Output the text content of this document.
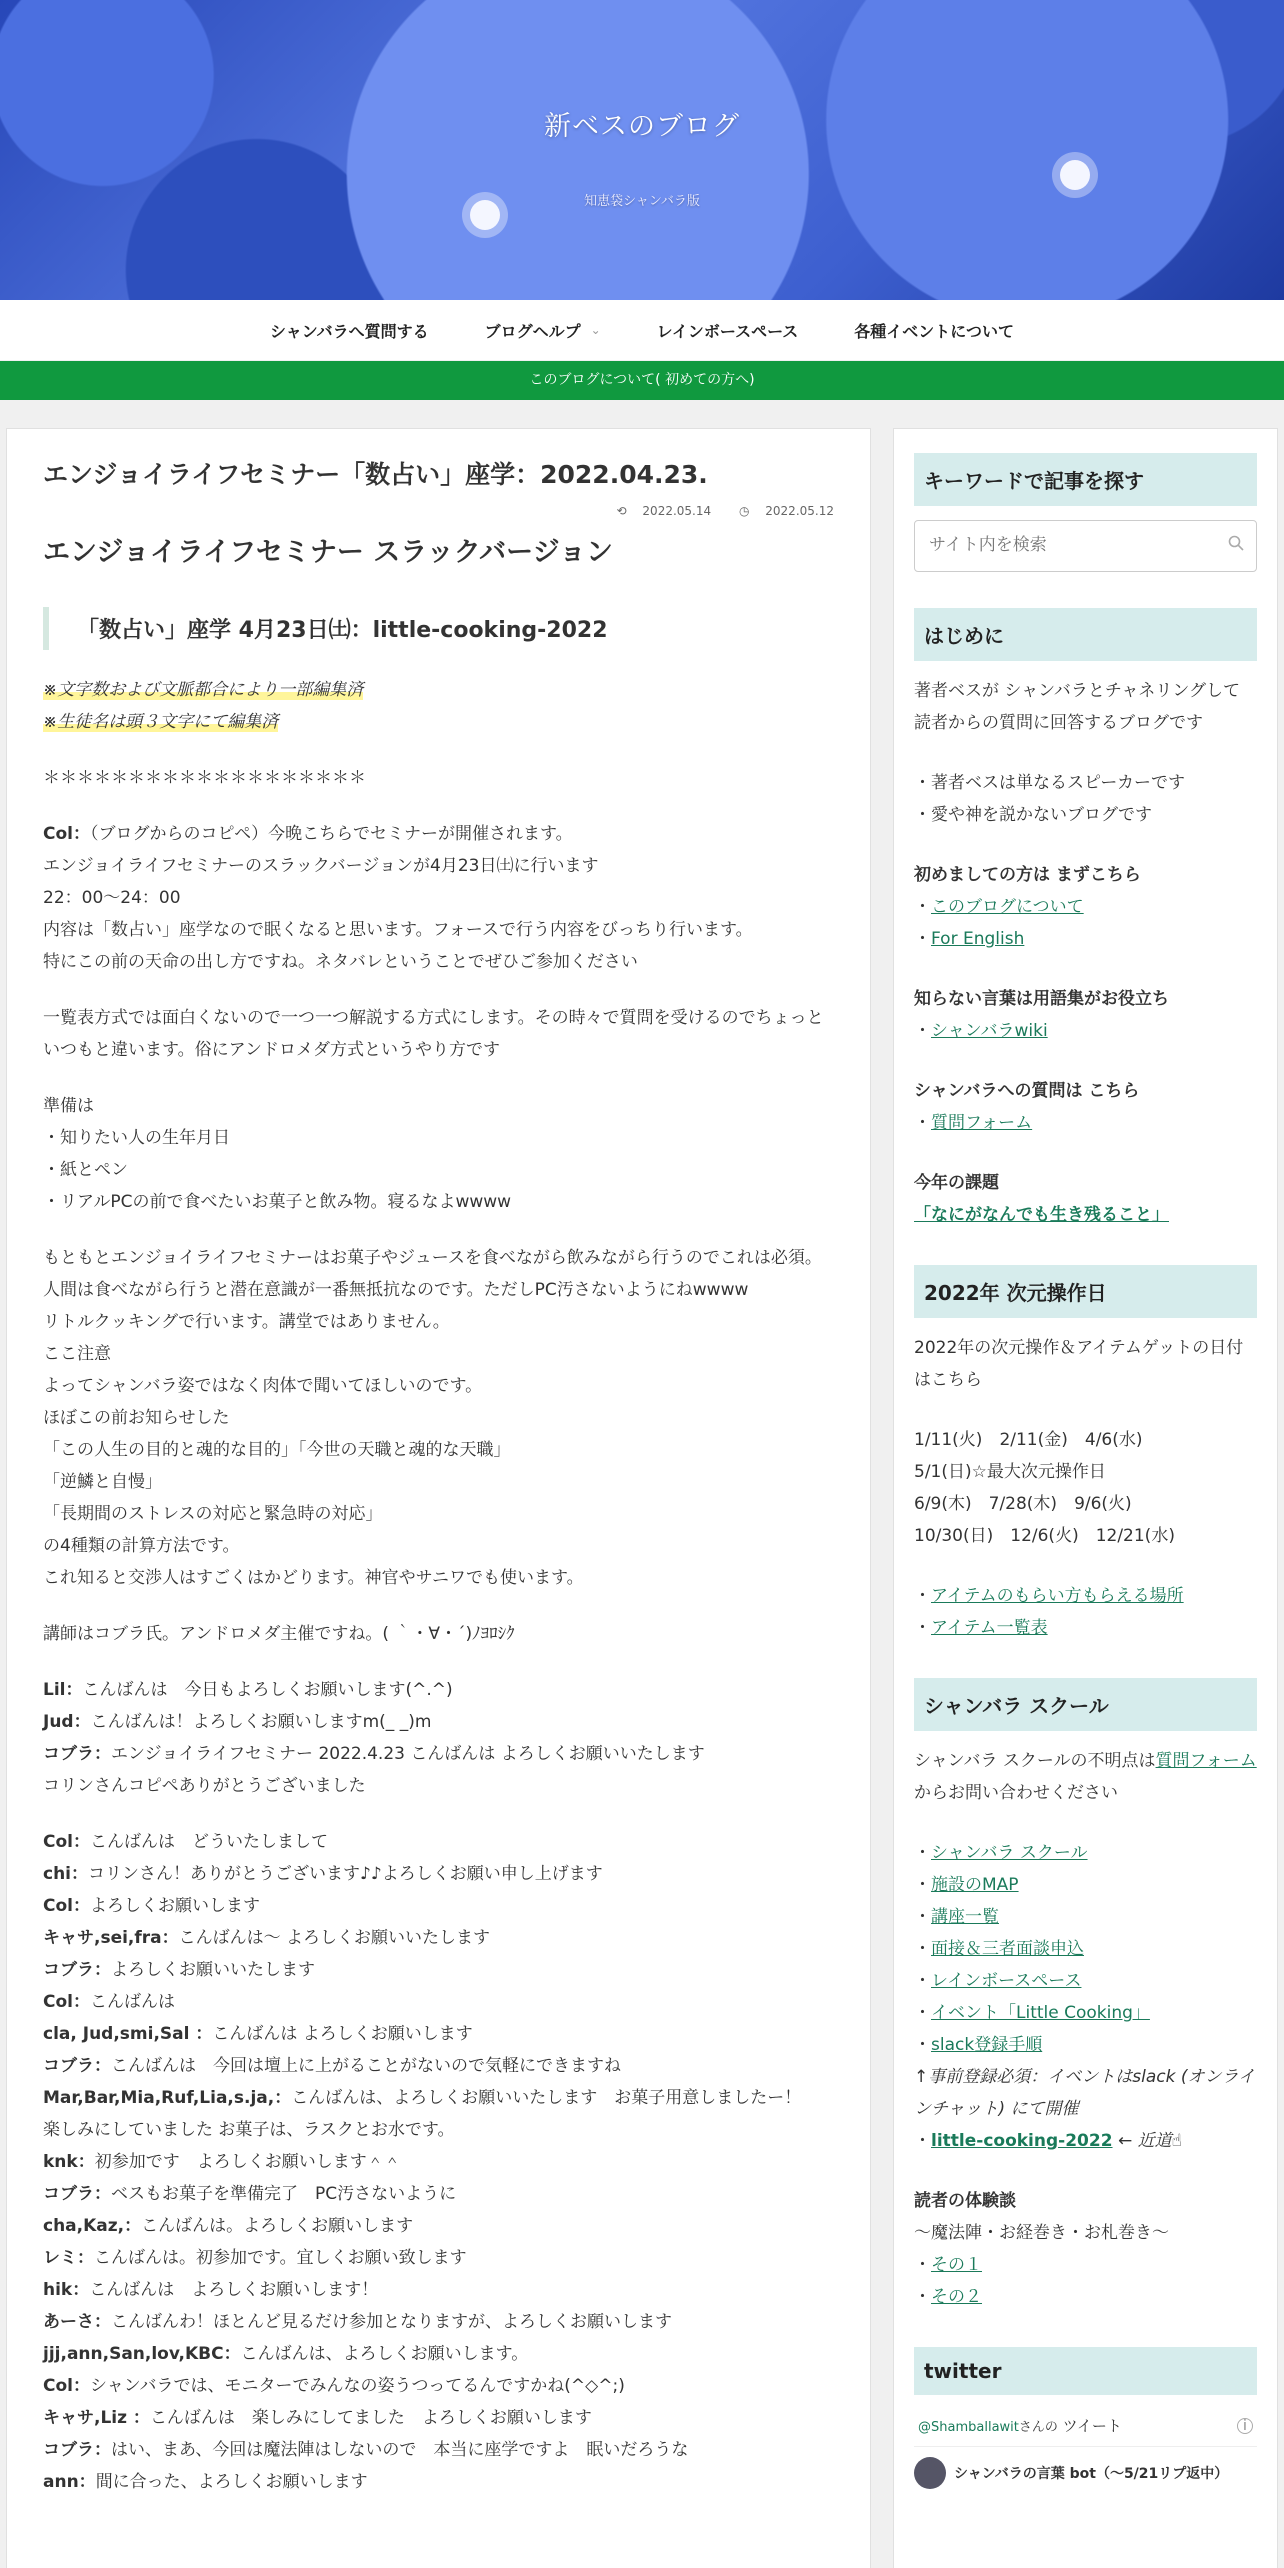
新ベスのブログ
知恵袋シャンバラ版
シャンバラへ質問する	ブログヘルプ ⌄	レインボースペース	各種イベントについて
このブログについて( 初めての方へ)
エンジョイライフセミナー「数占い」座学：2022.04.23.
⟲ 2022.05.14 ◷ 2022.05.12
エンジョイライフセミナー スラックバージョン
「数占い」座学 4月23日㈯：little-cooking-2022

※文字数および文脈都合により一部編集済
※生徒名は頭３文字にて編集済

＊＊＊＊＊＊＊＊＊＊＊＊＊＊＊＊＊＊＊

Col：（ブログからのコピペ）今晩こちらでセミナーが開催されます。
エンジョイライフセミナーのスラックバージョンが4月23日㈯に行います
22：00～24：00
内容は「数占い」座学なので眠くなると思います。フォースで行う内容をびっちり行います。
特にこの前の天命の出し方ですね。ネタバレということでぜひご参加ください

一覧表方式では面白くないので一つ一つ解説する方式にします。その時々で質問を受けるのでちょっといつもと違います。俗にアンドロメダ方式というやり方です

準備は
・知りたい人の生年月日
・紙とペン
・リアルPCの前で食べたいお菓子と飲み物。寝るなよwwww

もともとエンジョイライフセミナーはお菓子やジュースを食べながら飲みながら行うのでこれは必須。人間は食べながら行うと潜在意識が一番無抵抗なのです。ただしPC汚さないようにねwwww
リトルクッキングで行います。講堂ではありません。
ここ注意
よってシャンバラ姿ではなく肉体で聞いてほしいのです。
ほぼこの前お知らせした
「この人生の目的と魂的な目的」「今世の天職と魂的な天職」
「逆鱗と自慢」
「長期間のストレスの対応と緊急時の対応」
の4種類の計算方法です。
これ知ると交渉人はすごくはかどります。神官やサニワでも使います。

講師はコブラ氏。アンドロメダ主催ですね。( ｀・∀・´)ﾉﾖﾛｼｸ

Lil：こんばんは　今日もよろしくお願いします(^.^)
Jud：こんばんは！よろしくお願いしますm(_ _)m
コブラ：エンジョイライフセミナー 2022.4.23 こんばんは よろしくお願いいたします
コリンさんコピペありがとうございました

Col：こんばんは　どういたしまして
chi：コリンさん！ありがとうございます♪♪よろしくお願い申し上げます
Col：よろしくお願いします
キャサ,sei,fra：こんばんは〜 よろしくお願いいたします
コブラ：よろしくお願いいたします
Col：こんばんは
cla, Jud,smi,Sal ：こんばんは よろしくお願いします
コブラ：こんばんは　今回は壇上に上がることがないので気軽にできますね
Mar,Bar,Mia,Ruf,Lia,s.ja,：こんばんは、よろしくお願いいたします　お菓子用意しましたー！
楽しみにしていました お菓子は、ラスクとお水です。
knk：初参加です　よろしくお願いします＾＾
コブラ：ベスもお菓子を準備完了　PC汚さないように
cha,Kaz,：こんばんは。よろしくお願いします
レミ：こんばんは。初参加です。宜しくお願い致します
hik：こんばんは　よろしくお願いします！
あーさ：こんばんわ！ほとんど見るだけ参加となりますが、よろしくお願いします
jjj,ann,San,lov,KBC：こんばんは、よろしくお願いします。
Col：シャンバラでは、モニターでみんなの姿うつってるんですかね(^◇^;)
キャサ,Liz ：こんばんは　楽しみにしてました　よろしくお願いします
コブラ：はい、まあ、今回は魔法陣はしないので　本当に座学ですよ　眠いだろうな
ann：間に合った、よろしくお願いします

キーワードで記事を探す
サイト内を検索
はじめに

著者ベスが シャンバラとチャネリングして 読者からの質問に回答するブログです

・著者ベスは単なるスピーカーです
・愛や神を説かないブログです

初めましての方は まずこちら
・このブログについて
・For English

知らない言葉は用語集がお役立ち
・シャンバラwiki

シャンバラへの質問は こちら
・質問フォーム

今年の課題
「なにがなんでも生き残ること」

2022年 次元操作日

2022年の次元操作＆アイテムゲットの日付はこちら

1/11(火)　2/11(金)　4/6(水)
5/1(日)☆最大次元操作日
6/9(木)　7/28(木)　9/6(火)
10/30(日)　12/6(火)　12/21(水)

・アイテムのもらい方もらえる場所
・アイテム一覧表

シャンバラ スクール

シャンバラ スクールの不明点は質問フォームからお問い合わせください

・シャンバラ スクール
・施設のMAP
・講座一覧
・面接＆三者面談申込
・レインボースペース
・イベント「Little Cooking」
・slack登録手順
↑事前登録必須：イベントはslack (オンラインチャット) にて開催
・little-cooking-2022 ← 近道☝

読者の体験談
〜魔法陣・お経巻き・お札巻き〜
・その１
・その２

twitter
@Shamballawitさんの ツイート	i
シャンバラの言葉 bot（～5/21リプ返中）
